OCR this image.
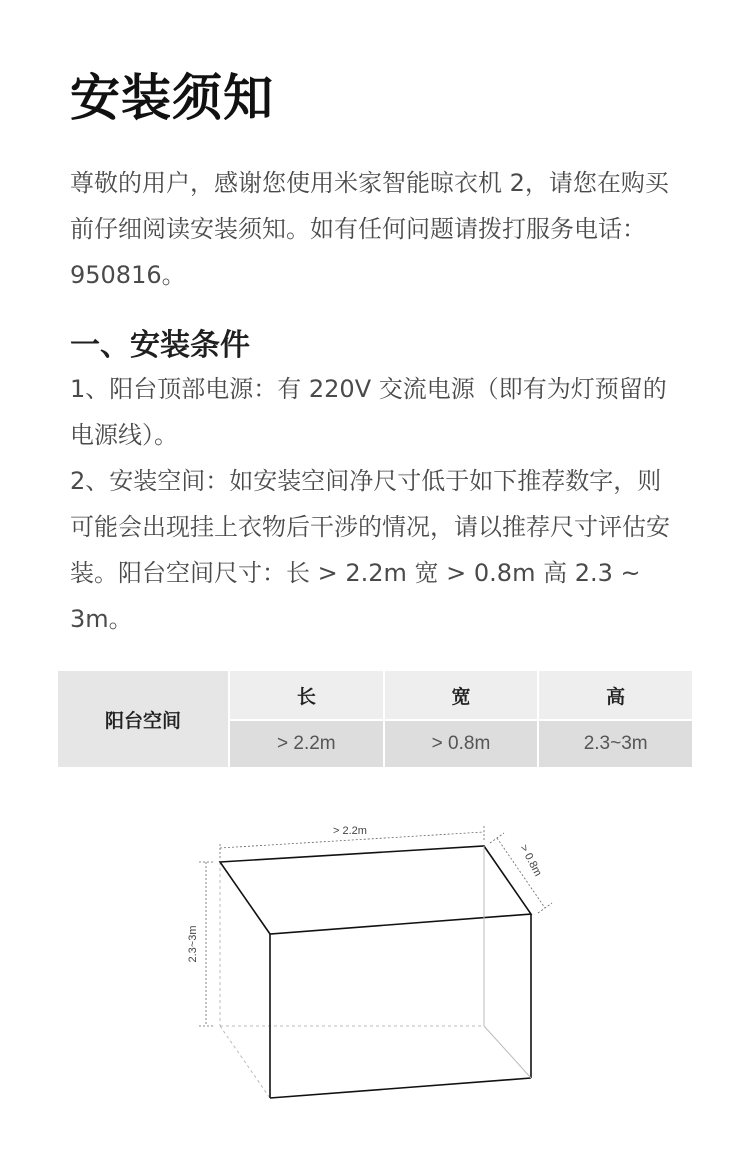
安装须知

尊敬的用户，感谢您使用米家智能晾衣机 2，请您在购买前仔细阅读安装须知。如有任何问题请拨打服务电话：950816。

一、安装条件
1、阳台顶部电源：有 220V 交流电源（即有为灯预留的电源线）。
2、安装空间：如安装空间净尺寸低于如下推荐数字，则可能会出现挂上衣物后干涉的情况，请以推荐尺寸评估安装。阳台空间尺寸：长 > 2.2m 宽 > 0.8m 高 2.3 ~ 3m。
阳台空间	长	宽	高
	> 2.2m	> 0.8m	2.3~3m
> 2.2m
> 0.8m
2.3~3m
